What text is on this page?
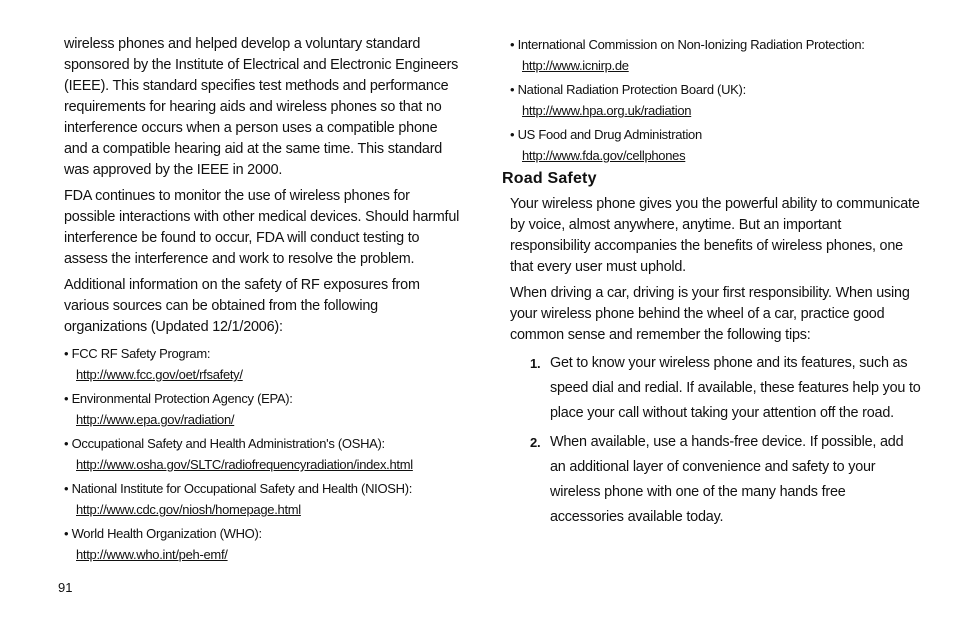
wireless phones and helped develop a voluntary standard sponsored by the Institute of Electrical and Electronic Engineers (IEEE). This standard specifies test methods and performance requirements for hearing aids and wireless phones so that no interference occurs when a person uses a compatible phone and a compatible hearing aid at the same time. This standard was approved by the IEEE in 2000.

FDA continues to monitor the use of wireless phones for possible interactions with other medical devices. Should harmful interference be found to occur, FDA will conduct testing to assess the interference and work to resolve the problem.

Additional information on the safety of RF exposures from various sources can be obtained from the following organizations (Updated 12/1/2006):

• FCC RF Safety Program:
http://www.fcc.gov/oet/rfsafety/
• Environmental Protection Agency (EPA):
http://www.epa.gov/radiation/
• Occupational Safety and Health Administration's (OSHA):
http://www.osha.gov/SLTC/radiofrequencyradiation/index.html
• National Institute for Occupational Safety and Health (NIOSH):
http://www.cdc.gov/niosh/homepage.html
• World Health Organization (WHO):
http://www.who.int/peh-emf/
• International Commission on Non-Ionizing Radiation Protection:
http://www.icnirp.de
• National Radiation Protection Board (UK):
http://www.hpa.org.uk/radiation
• US Food and Drug Administration
http://www.fda.gov/cellphones
Road Safety

Your wireless phone gives you the powerful ability to communicate by voice, almost anywhere, anytime. But an important responsibility accompanies the benefits of wireless phones, one that every user must uphold.

When driving a car, driving is your first responsibility. When using your wireless phone behind the wheel of a car, practice good common sense and remember the following tips:

1. Get to know your wireless phone and its features, such as speed dial and redial. If available, these features help you to place your call without taking your attention off the road.
2. When available, use a hands-free device. If possible, add an additional layer of convenience and safety to your wireless phone with one of the many hands free accessories available today.
91
